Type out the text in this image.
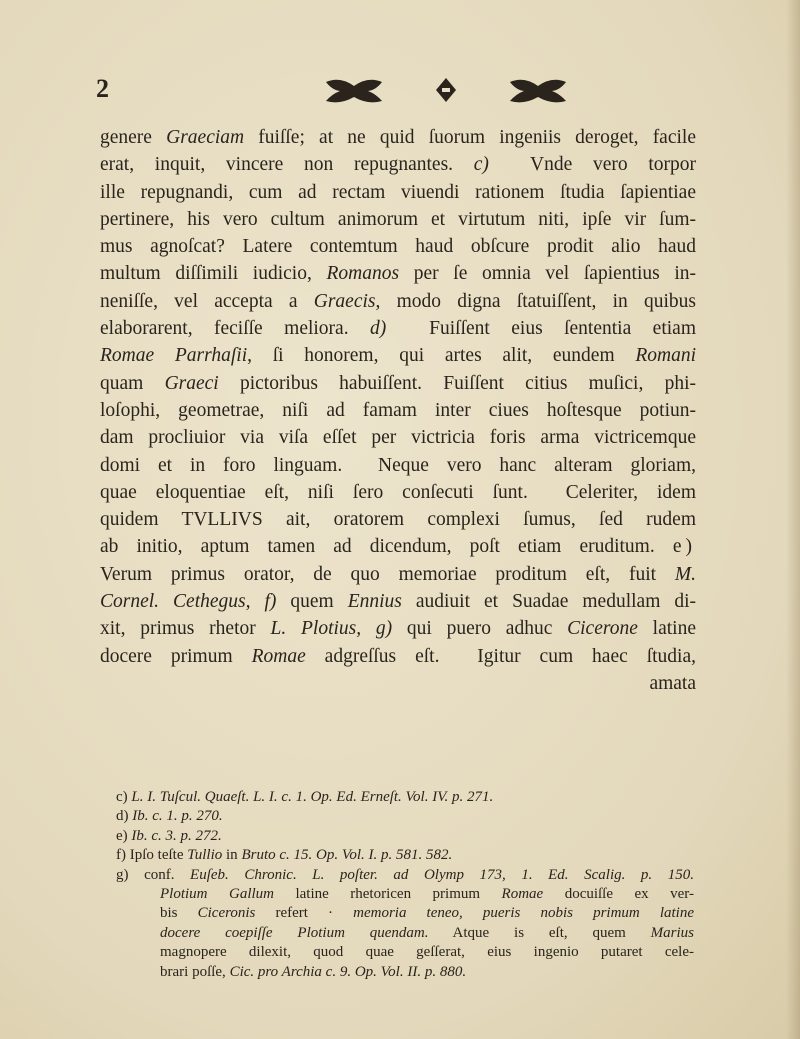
2
genere Graeciam fuiſſe; at ne quid ſuorum ingeniis deroget, facile
erat, inquit, vincere non repugnantes. c)  Vnde vero torpor
ille repugnandi, cum ad rectam viuendi rationem ſtudia ſapientiae
pertinere, his vero cultum animorum et virtutum niti, ipſe vir ſum-
mus agnoſcat? Latere contemtum haud obſcure prodit alio haud
multum diſſimili iudicio, Romanos per ſe omnia vel ſapientius in-
neniſſe, vel accepta a Graecis, modo digna ſtatuiſſent, in quibus
elaborarent, feciſſe meliora. d)  Fuiſſent eius ſententia etiam
Romae Parrhaſii, ſi honorem, qui artes alit, eundem Romani
quam Graeci pictoribus habuiſſent. Fuiſſent citius muſici, phi-
loſophi, geometrae, niſi ad famam inter ciues hoſtesque potiun-
dam procliuior via viſa eſſet per victricia foris arma victricemque
domi et in foro linguam.  Neque vero hanc alteram gloriam,
quae eloquentiae eſt, niſi ſero conſecuti ſunt.  Celeriter, idem
quidem TVLLIVS ait, oratorem complexi ſumus, ſed rudem
ab initio, aptum tamen ad dicendum, poſt etiam eruditum. e)
Verum primus orator, de quo memoriae proditum eſt, fuit M.
Cornel. Cethegus, f) quem Ennius audiuit et Suadae medullam di-
xit, primus rhetor L. Plotius, g) qui puero adhuc Cicerone latine
docere primum Romae adgreſſus eſt.  Igitur cum haec ſtudia,
amata
c) L. I. Tuſcul. Quaeſt. L. I. c. 1. Op. Ed. Erneſt. Vol. IV. p. 271.
d) Ib. c. 1. p. 270.
e) Ib. c. 3. p. 272.
f) Ipſo teſte Tullio in Bruto c. 15. Op. Vol. I. p. 581. 582.
g) conf. Euſeb. Chronic. L. poſter. ad Olymp 173, 1. Ed. Scalig. p. 150.
Plotium Gallum latine rhetoricen primum Romae docuiſſe ex ver-
bis Ciceronis refert · memoria teneo, pueris nobis primum latine
docere coepiſſe Plotium quendam. Atque is eſt, quem Marius
magnopere dilexit, quod quae geſſerat, eius ingenio putaret cele-
brari poſſe, Cic. pro Archia c. 9. Op. Vol. II. p. 880.
